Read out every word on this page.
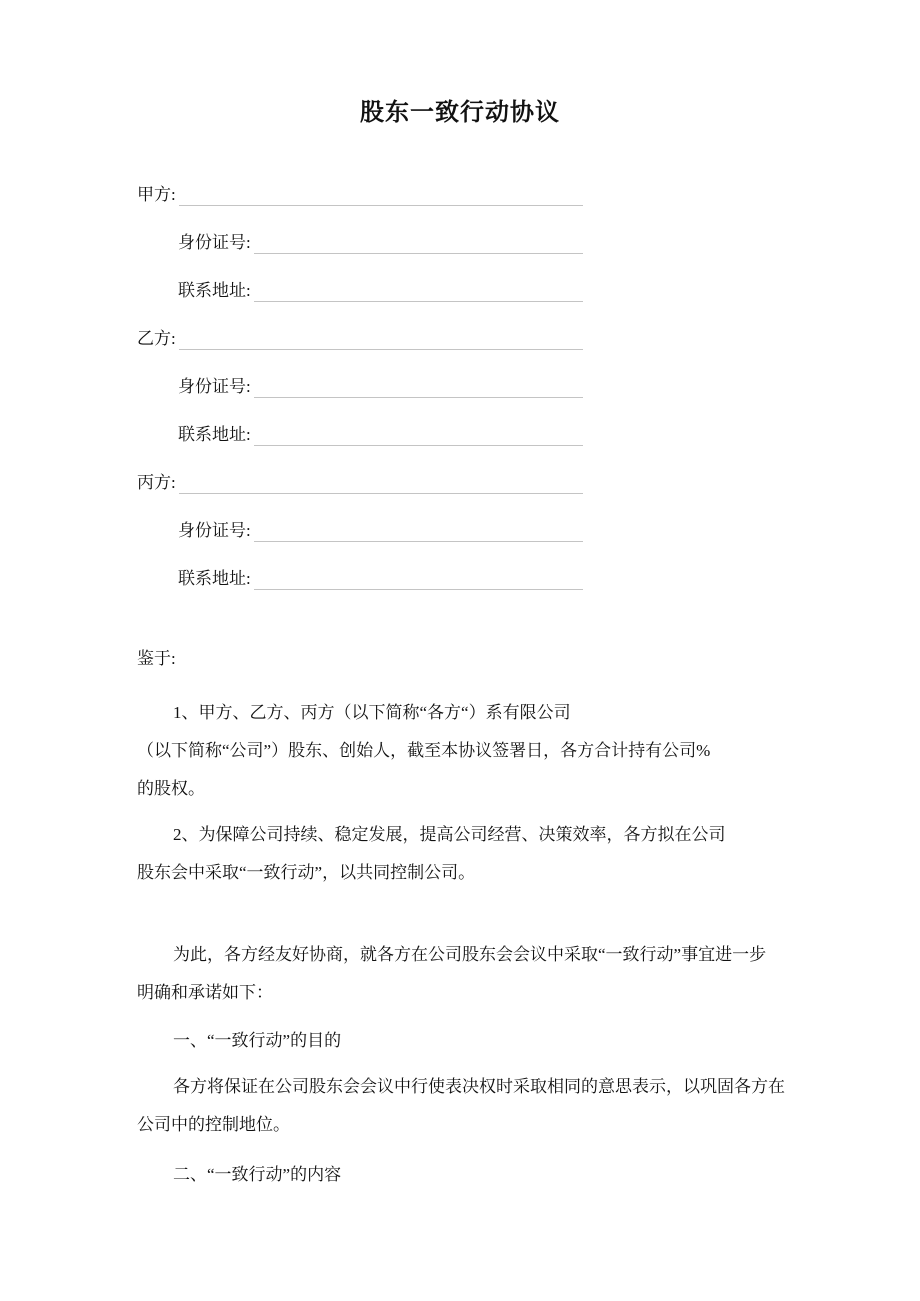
股东一致行动协议
甲方:
身份证号:
联系地址:
乙方:
身份证号:
联系地址:
丙方:
身份证号:
联系地址:
鉴于:
1、甲方、乙方、丙方（以下简称“各方“）系有限公司
（以下简称“公司”）股东、创始人，截至本协议签署日，各方合计持有公司%
的股权。
2、为保障公司持续、稳定发展，提高公司经营、决策效率，各方拟在公司
股东会中采取“一致行动”，以共同控制公司。
为此，各方经友好协商，就各方在公司股东会会议中采取“一致行动”事宜进一步
明确和承诺如下：
一、“一致行动”的目的
各方将保证在公司股东会会议中行使表决权时采取相同的意思表示，以巩固各方在
公司中的控制地位。
二、“一致行动”的内容
